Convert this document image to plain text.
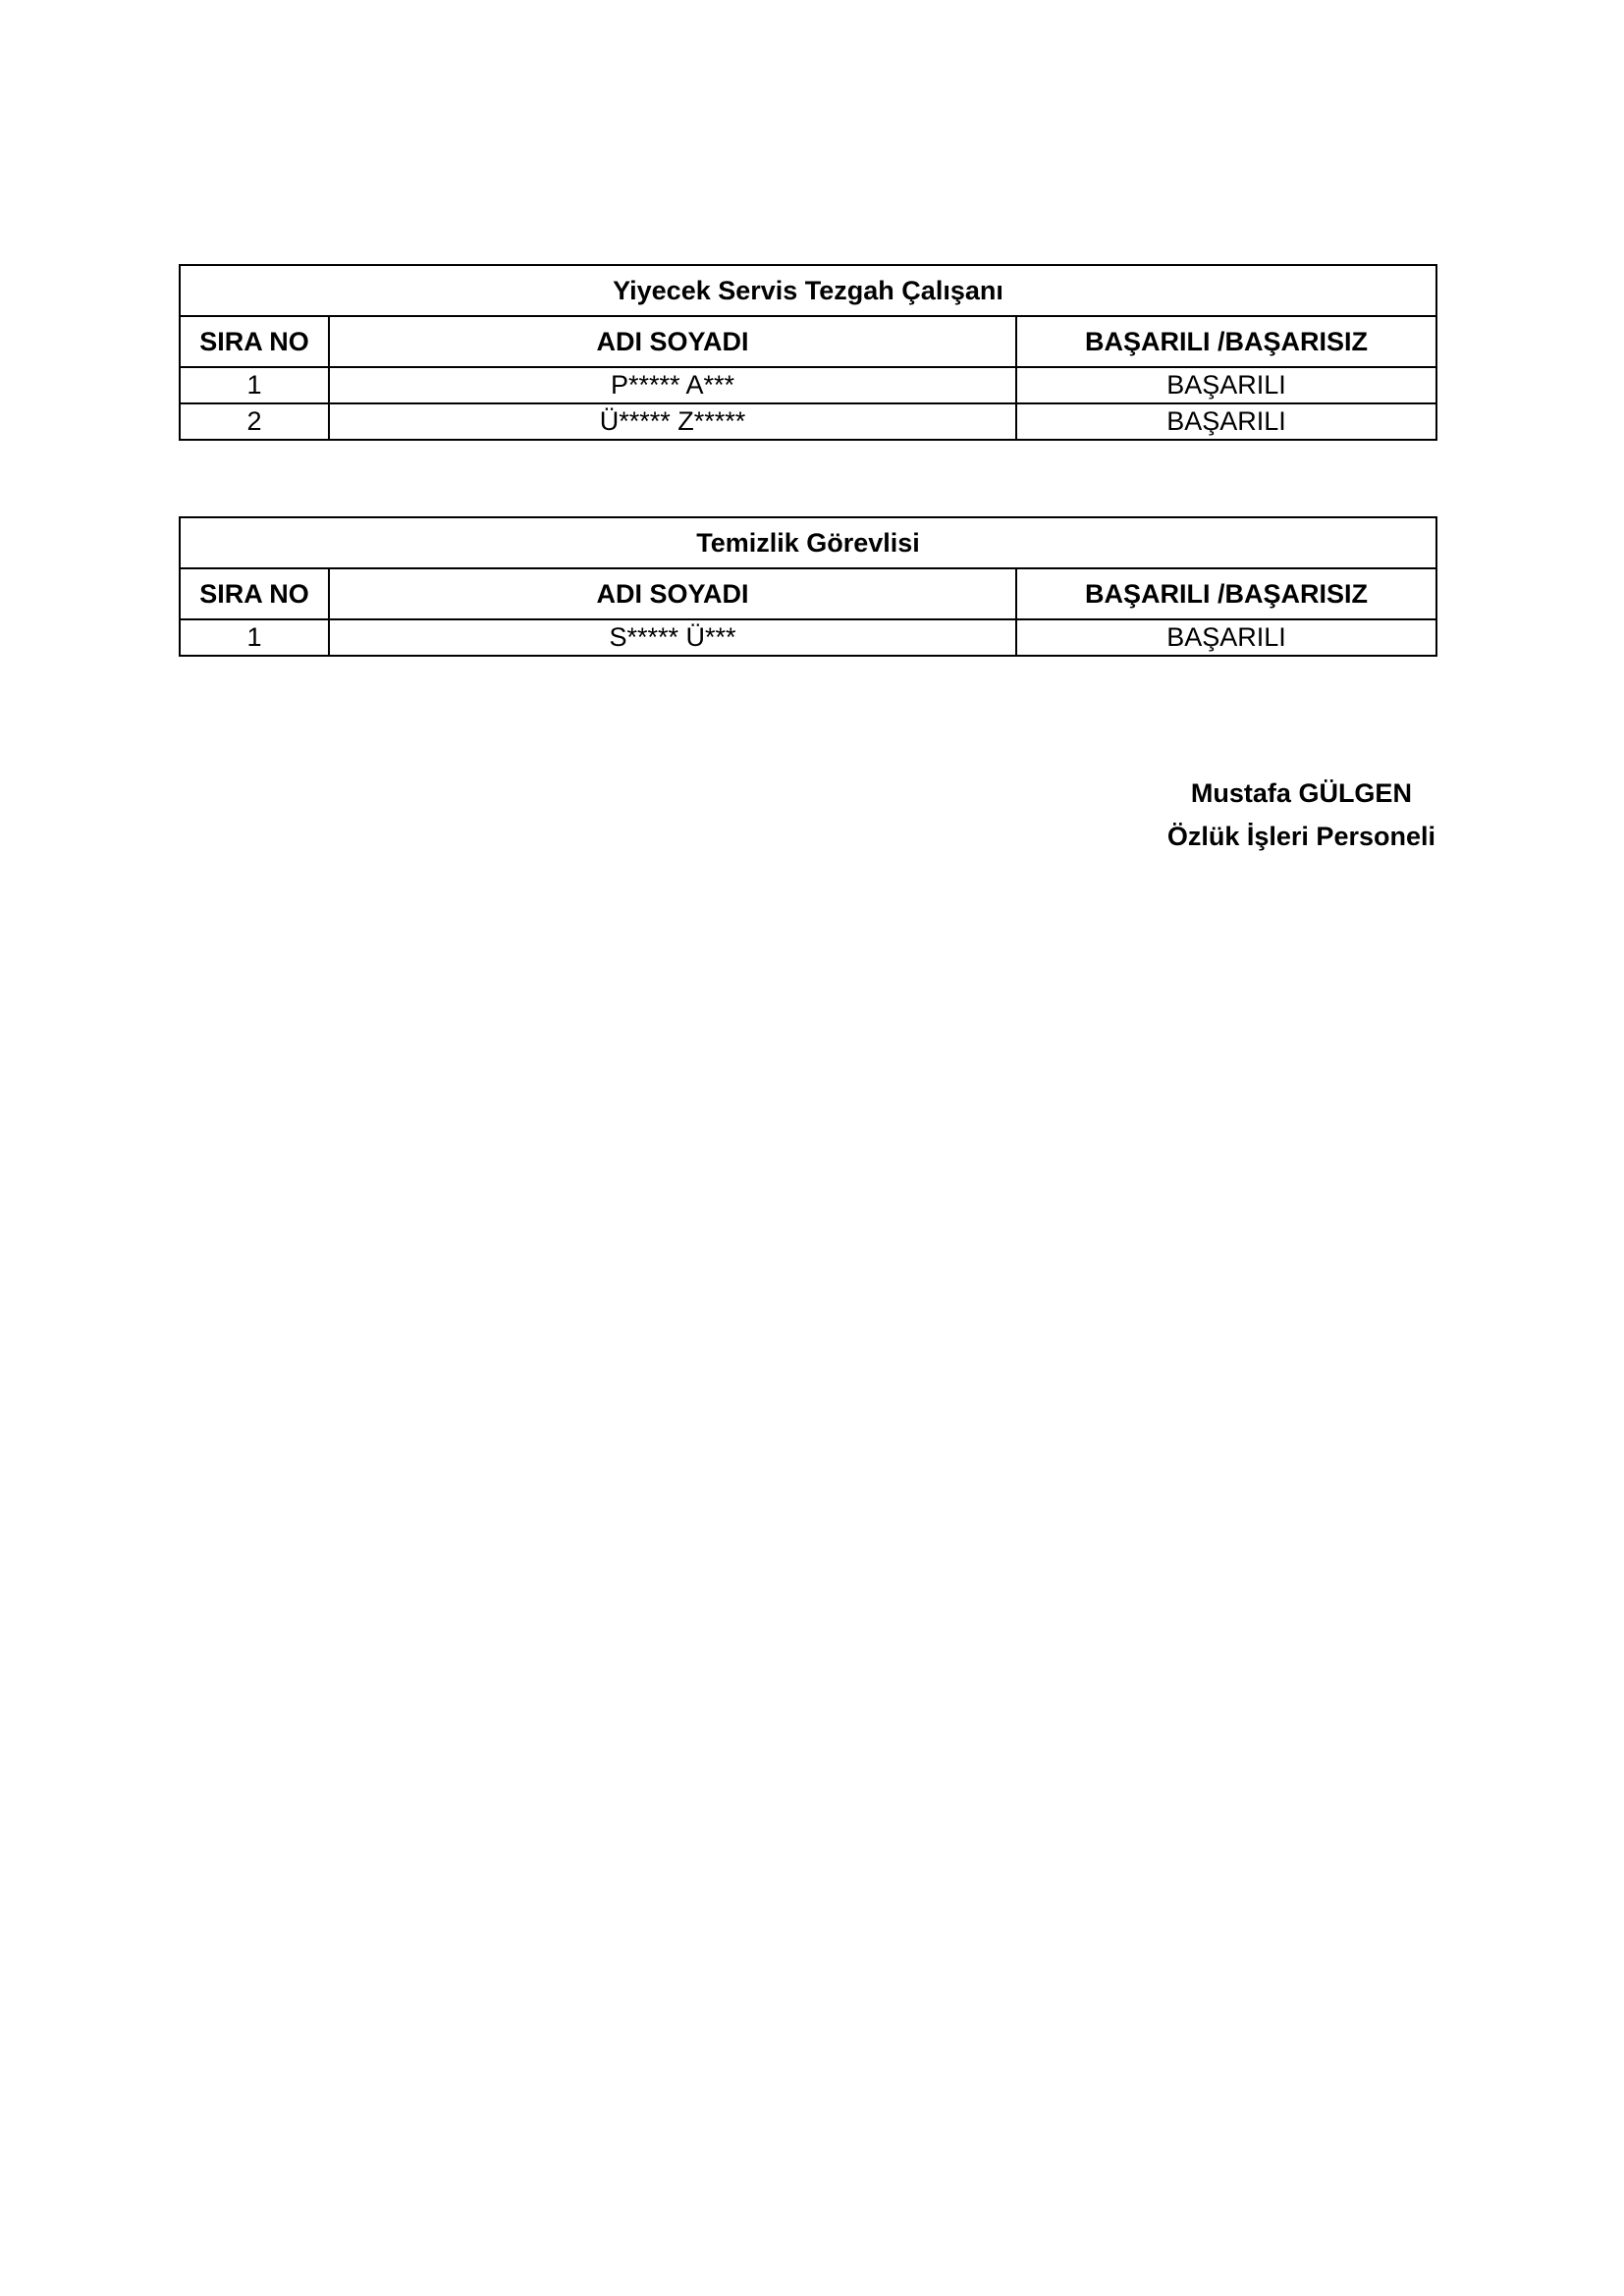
Yiyecek Servis Tezgah Çalışanı		
SIRA NO	ADI SOYADI	BAŞARILI /BAŞARISIZ
1	P***** A***	BAŞARILI
2	Ü***** Z*****	BAŞARILI
Temizlik Görevlisi		
SIRA NO	ADI SOYADI	BAŞARILI /BAŞARISIZ
1	S***** Ü***	BAŞARILI
Mustafa GÜLGEN
Özlük İşleri Personeli
